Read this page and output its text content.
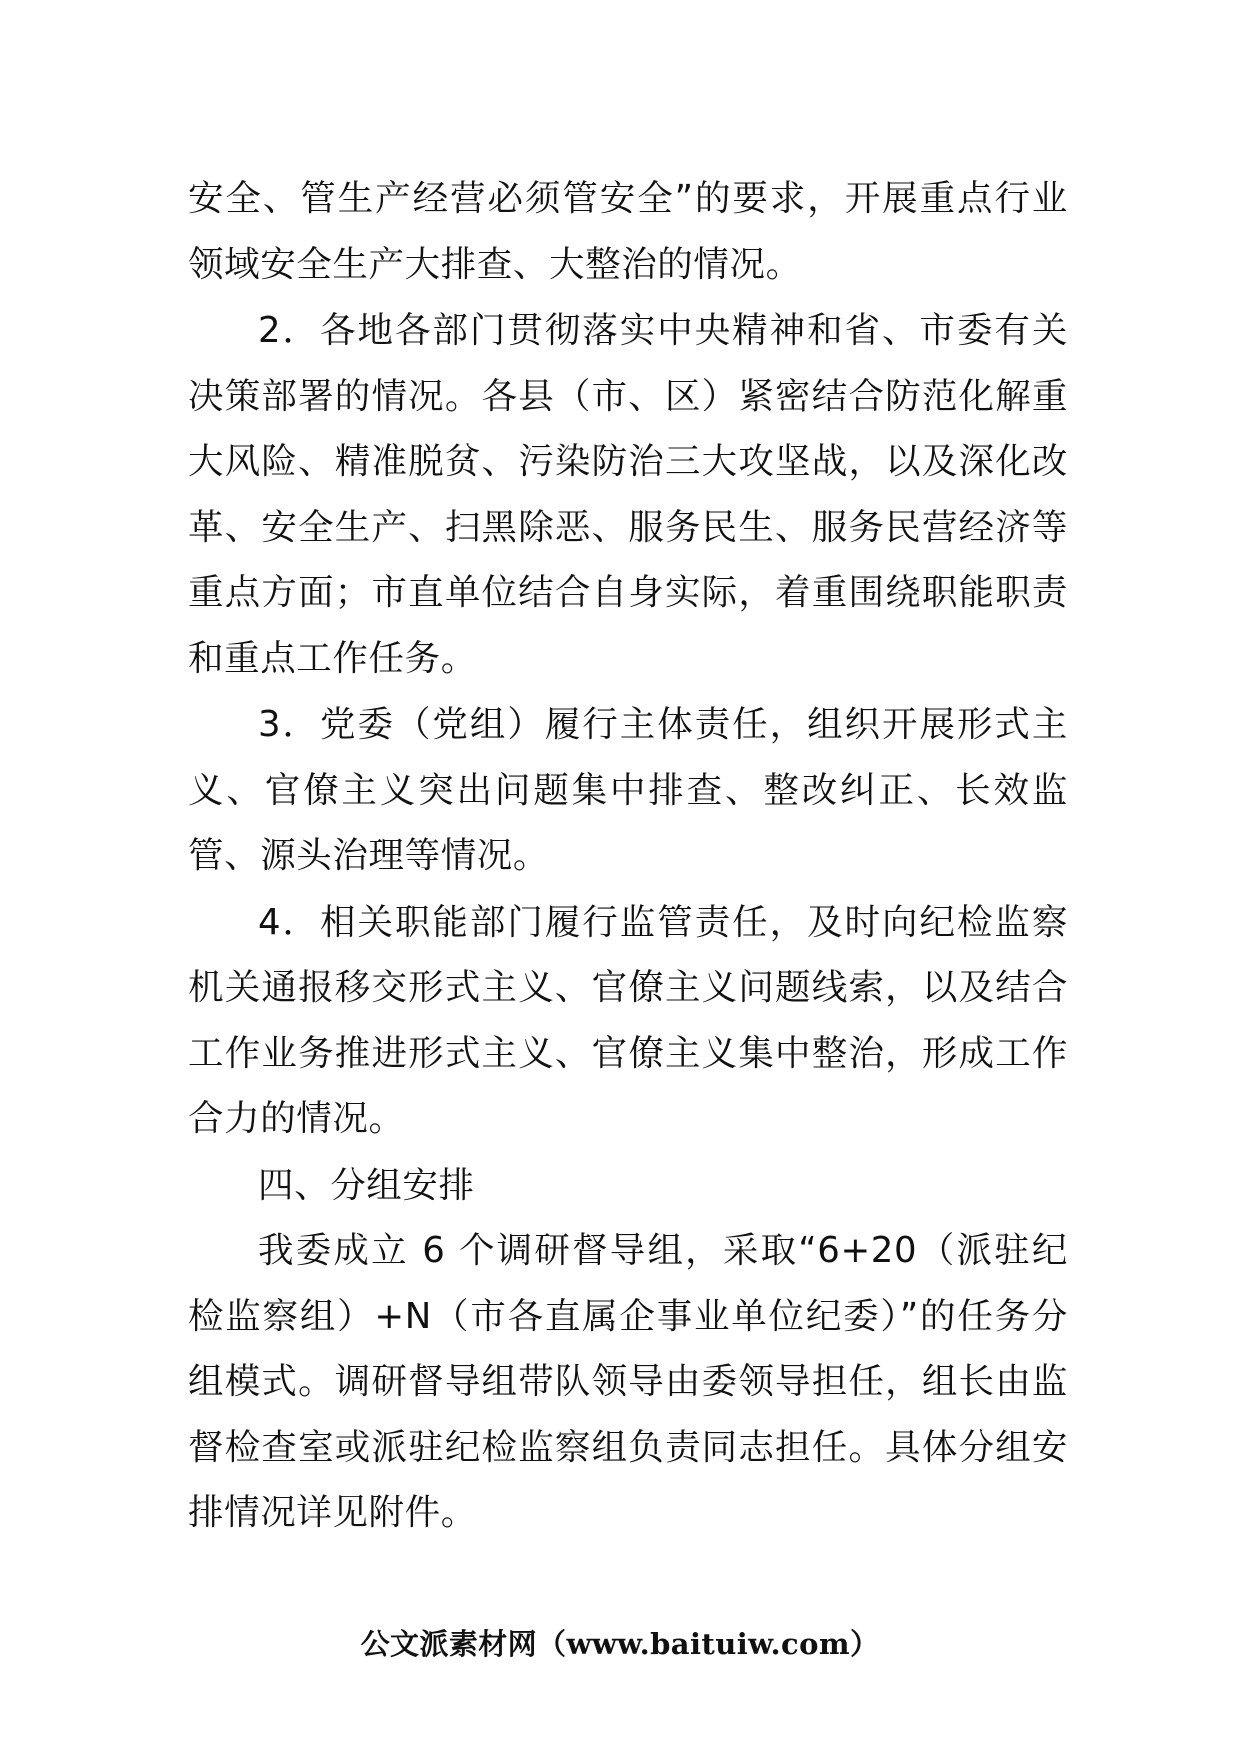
安全、管生产经营必须管安全”的要求，开展重点行业领域安全生产大排查、大整治的情况。

2．各地各部门贯彻落实中央精神和省、市委有关决策部署的情况。各县（市、区）紧密结合防范化解重大风险、精准脱贫、污染防治三大攻坚战，以及深化改革、安全生产、扫黑除恶、服务民生、服务民营经济等重点方面；市直单位结合自身实际，着重围绕职能职责和重点工作任务。

3．党委（党组）履行主体责任，组织开展形式主义、官僚主义突出问题集中排查、整改纠正、长效监管、源头治理等情况。

4．相关职能部门履行监管责任，及时向纪检监察机关通报移交形式主义、官僚主义问题线索，以及结合工作业务推进形式主义、官僚主义集中整治，形成工作合力的情况。

四、分组安排

我委成立 6 个调研督导组，采取“6+20（派驻纪检监察组）+N（市各直属企事业单位纪委）”的任务分组模式。调研督导组带队领导由委领导担任，组长由监督检查室或派驻纪检监察组负责同志担任。具体分组安排情况详见附件。

公文派素材网（www.baituiw.com）
